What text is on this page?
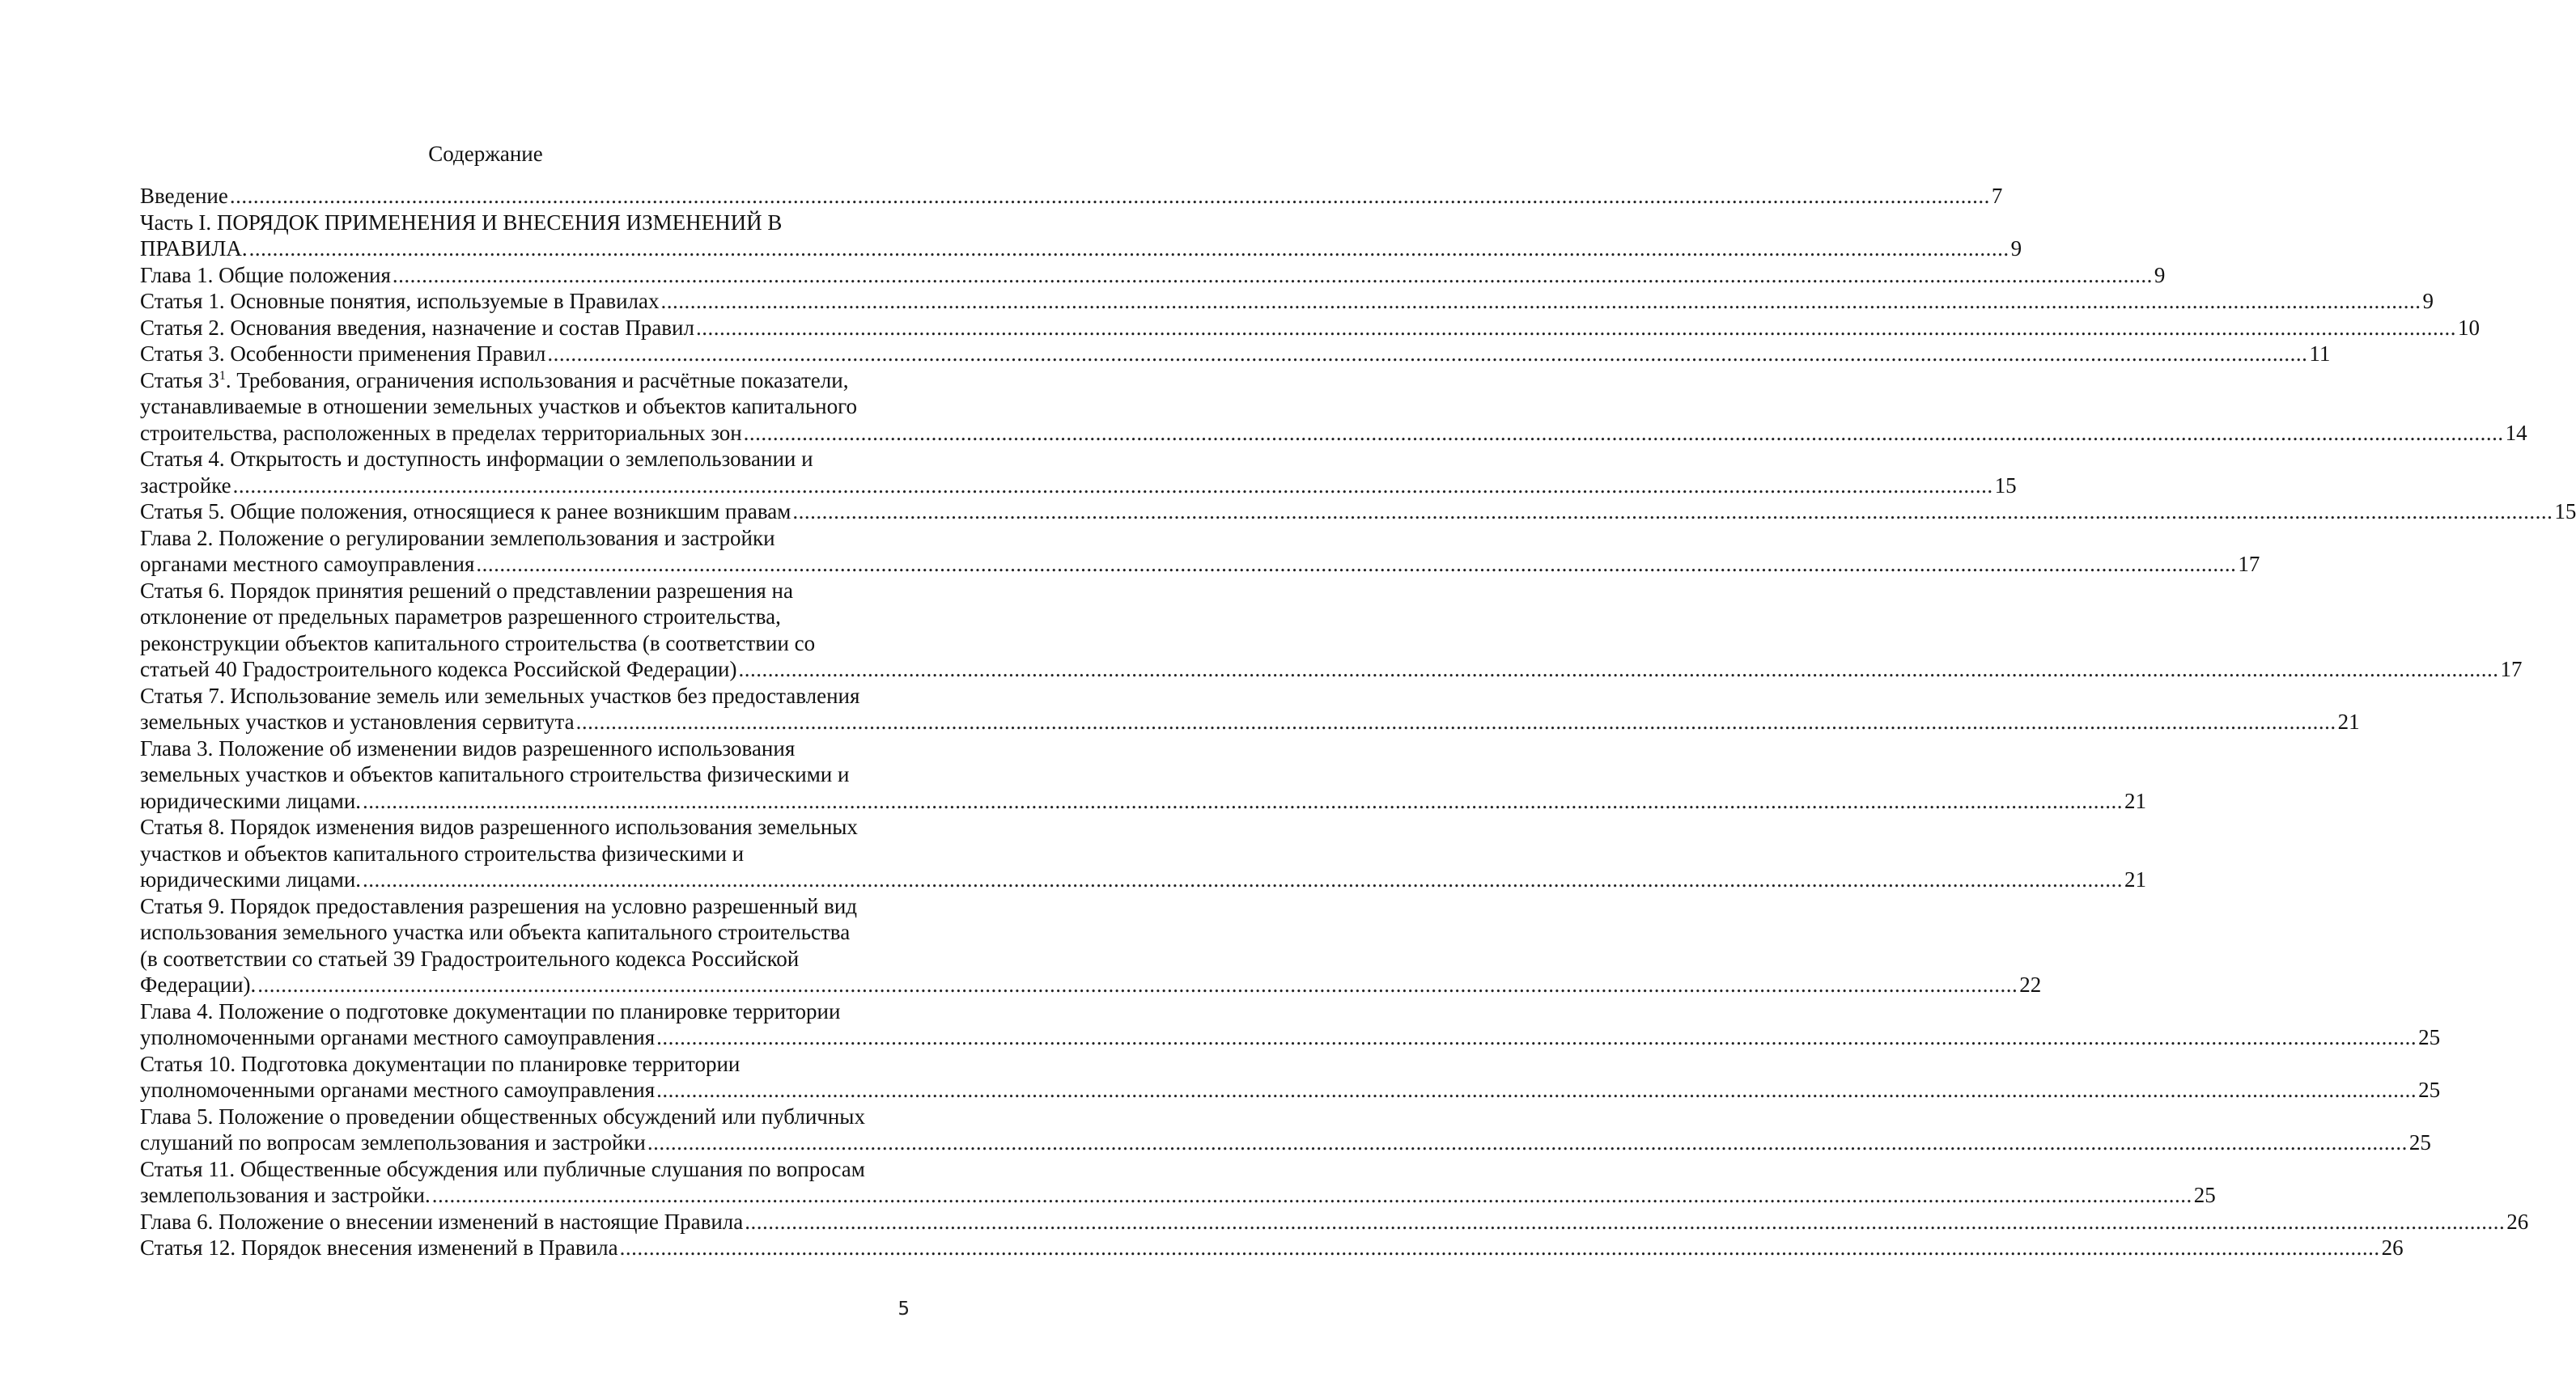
Содержание
Введение ............................................................................................................................................................................................................................................................................................................ 7
Часть I. ПОРЯДОК ПРИМЕНЕНИЯ И ВНЕСЕНИЯ ИЗМЕНЕНИЙ В
ПРАВИЛА. ............................................................................................................................................................................................................................................................................................................ 9
Глава 1. Общие положения ............................................................................................................................................................................................................................................................................................................ 9
Статья 1. Основные понятия, используемые в Правилах ............................................................................................................................................................................................................................................................................................................ 9
Статья 2. Основания введения, назначение и состав Правил ............................................................................................................................................................................................................................................................................................................ 10
Статья 3. Особенности применения Правил ............................................................................................................................................................................................................................................................................................................ 11
Статья $3^1$. Требования, ограничения использования и расчётные показатели,
устанавливаемые в отношении земельных участков и объектов капитального
строительства, расположенных в пределах территориальных зон ............................................................................................................................................................................................................................................................................................................ 14
Статья 4. Открытость и доступность информации о землепользовании и
застройке ............................................................................................................................................................................................................................................................................................................ 15
Статья 5. Общие положения, относящиеся к ранее возникшим правам ............................................................................................................................................................................................................................................................................................................ 15
Глава 2. Положение о регулировании землепользования и застройки
органами местного самоуправления ............................................................................................................................................................................................................................................................................................................ 17
Статья 6. Порядок принятия решений о представлении разрешения на
отклонение от предельных параметров разрешенного строительства,
реконструкции объектов капитального строительства (в соответствии со
статьей 40 Градостроительного кодекса Российской Федерации) ............................................................................................................................................................................................................................................................................................................ 17
Статья 7. Использование земель или земельных участков без предоставления
земельных участков и установления сервитута ............................................................................................................................................................................................................................................................................................................ 21
Глава 3. Положение об изменении видов разрешенного использования
земельных участков и объектов капитального строительства физическими и
юридическими лицами. ............................................................................................................................................................................................................................................................................................................ 21
Статья 8. Порядок изменения видов разрешенного использования земельных
участков и объектов капитального строительства физическими и
юридическими лицами. ............................................................................................................................................................................................................................................................................................................ 21
Статья 9. Порядок предоставления разрешения на условно разрешенный вид
использования земельного участка или объекта капитального строительства
(в соответствии со статьей 39 Градостроительного кодекса Российской
Федерации). ............................................................................................................................................................................................................................................................................................................ 22
Глава 4. Положение о подготовке документации по планировке территории
уполномоченными органами местного самоуправления ............................................................................................................................................................................................................................................................................................................ 25
Статья 10. Подготовка документации по планировке территории
уполномоченными органами местного самоуправления ............................................................................................................................................................................................................................................................................................................ 25
Глава 5. Положение о проведении общественных обсуждений или публичных
слушаний по вопросам землепользования и застройки ............................................................................................................................................................................................................................................................................................................ 25
Статья 11. Общественные обсуждения или публичные слушания по вопросам
землепользования и застройки. ............................................................................................................................................................................................................................................................................................................ 25
Глава 6. Положение о внесении изменений в настоящие Правила ............................................................................................................................................................................................................................................................................................................ 26
Статья 12. Порядок внесения изменений в Правила ............................................................................................................................................................................................................................................................................................................ 26
5
